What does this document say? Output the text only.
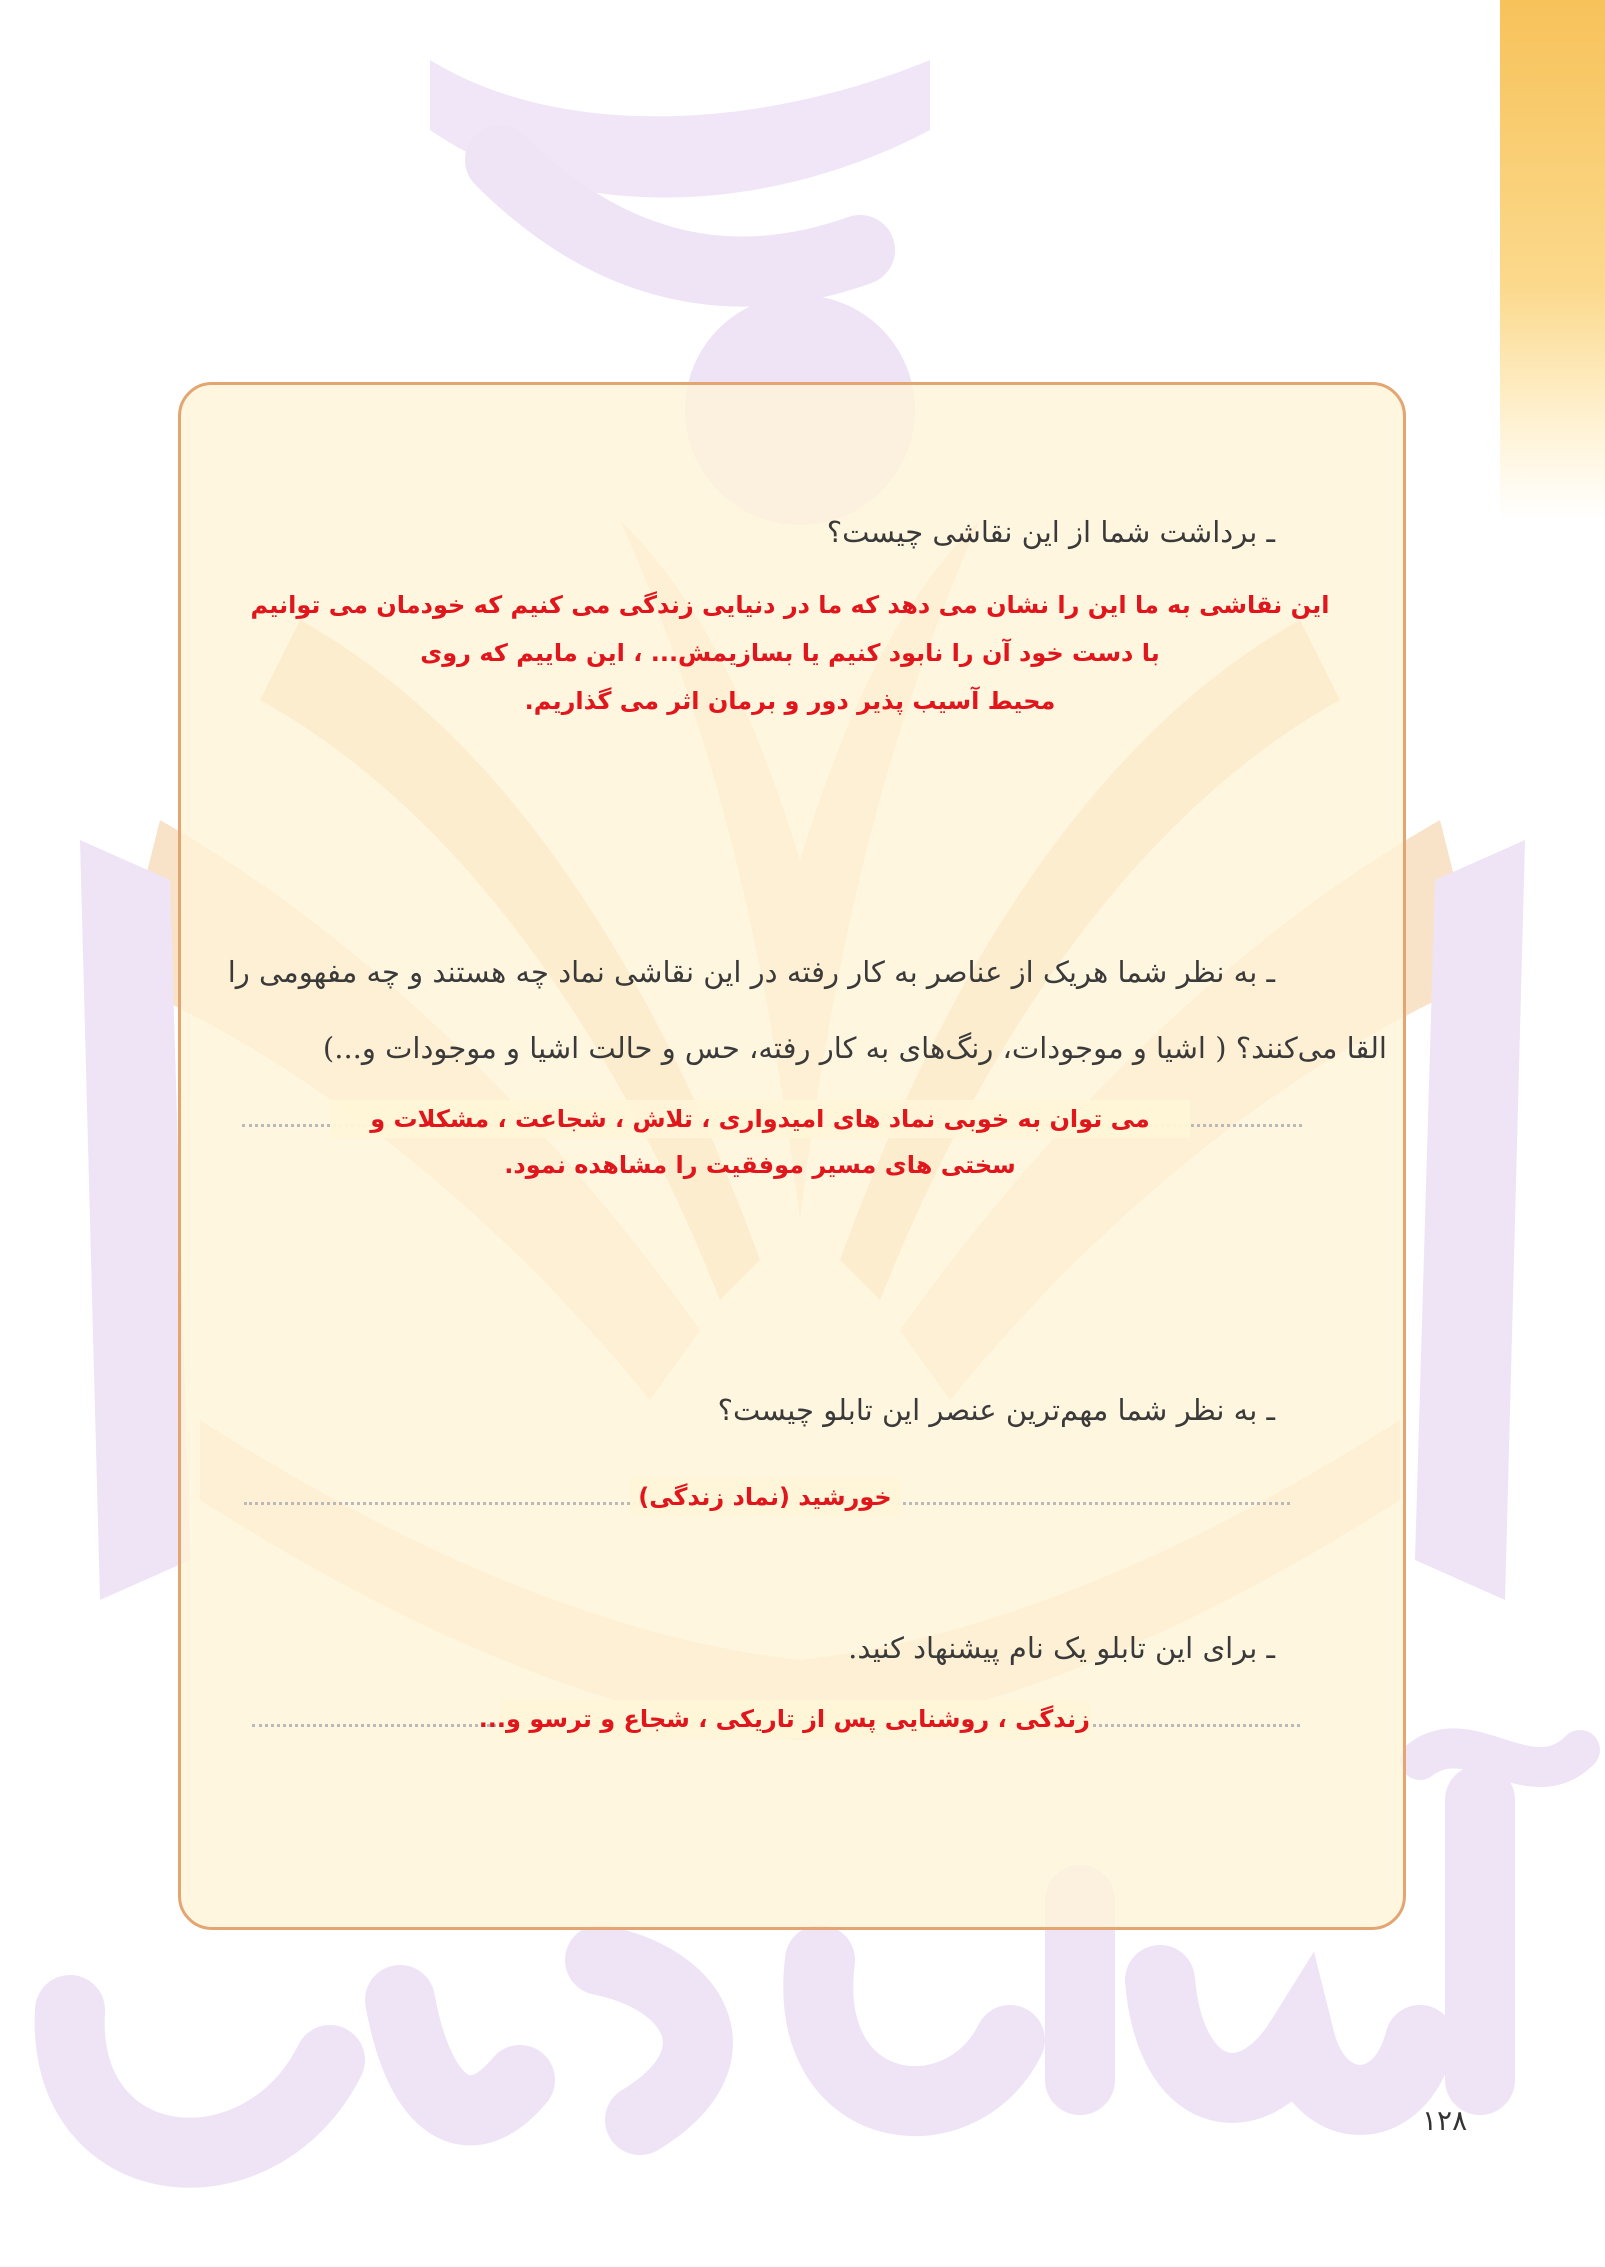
ـ برداشت شما از این نقاشی چیست؟
این نقاشی به ما این را نشان می دهد که ما در دنیایی زندگی می کنیم که خودمان می توانیم
با دست خود آن را نابود کنیم یا بسازیمش... ، این ماییم که روی
محیط آسیب پذیر دور و برمان اثر می گذاریم.
ـ به نظر شما هریک از عناصر به کار رفته در این نقاشی نماد چه هستند و چه مفهومی را
القا می‌کنند؟ ( اشیا و موجودات، رنگ‌های به کار رفته، حس و حالت اشیا و موجودات و...)
می توان به خوبی نماد های امیدواری ، تلاش ، شجاعت ، مشکلات و
سختی های مسیر موفقیت را مشاهده نمود.
ـ به نظر شما مهم‌ترین عنصر این تابلو چیست؟
خورشید (نماد زندگی)
ـ برای این تابلو یک نام پیشنهاد کنید.
زندگی ، روشنایی پس از تاریکی ، شجاع و ترسو و...
۱۲۸
